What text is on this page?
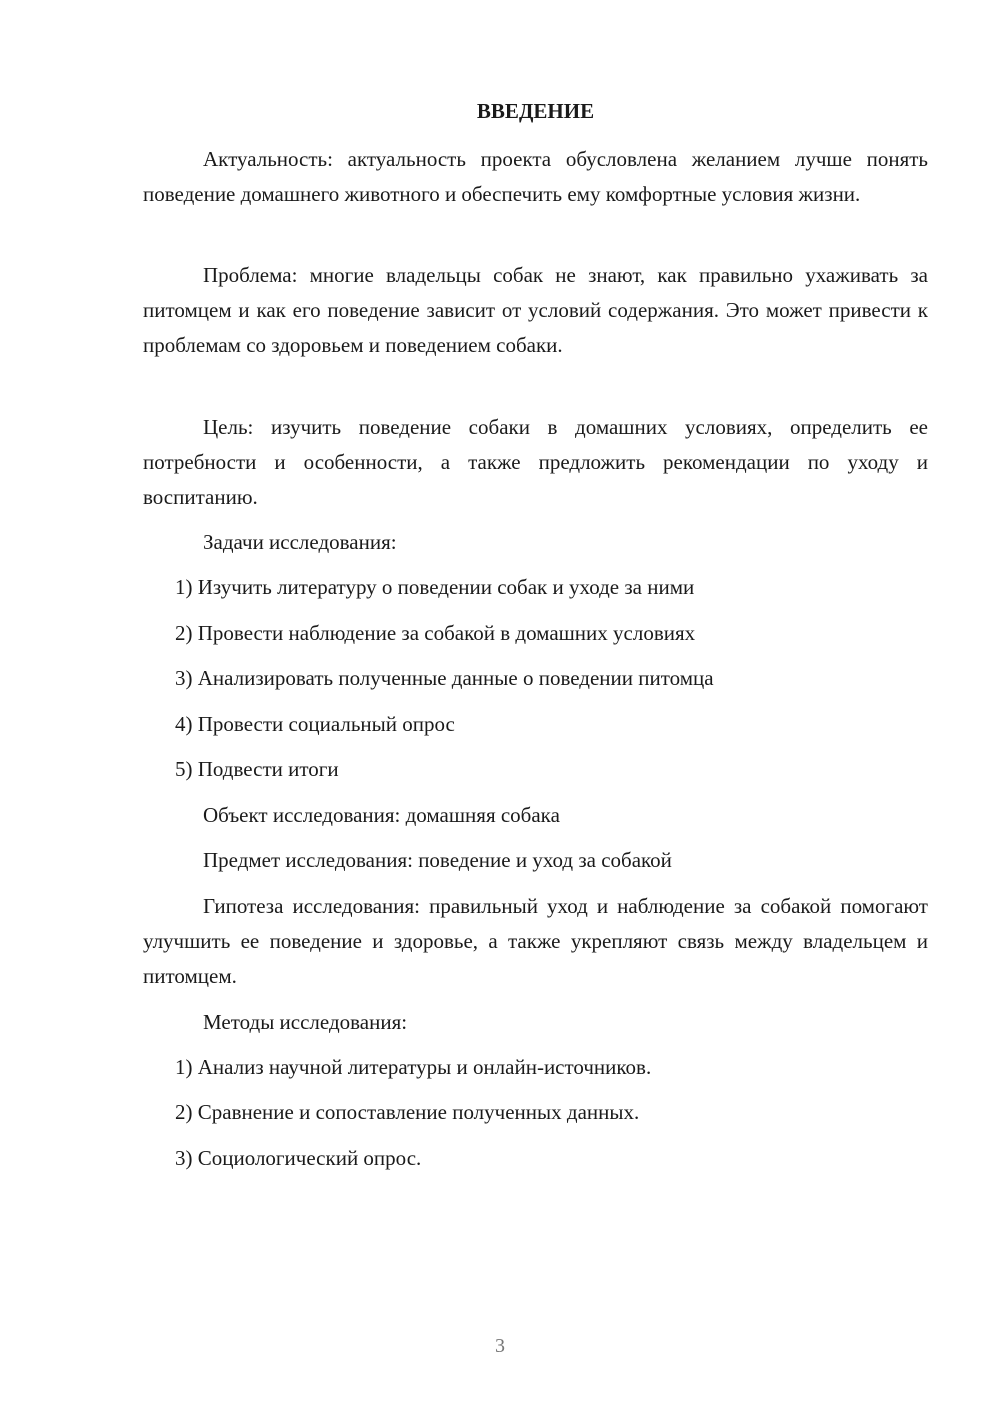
ВВЕДЕНИЕ

Актуальность: актуальность проекта обусловлена желанием лучше понять поведение домашнего животного и обеспечить ему комфортные условия жизни.

Проблема: многие владельцы собак не знают, как правильно ухаживать за питомцем и как его поведение зависит от условий содержания. Это может привести к проблемам со здоровьем и поведением собаки.

Цель: изучить поведение собаки в домашних условиях, определить ее потребности и особенности, а также предложить рекомендации по уходу и воспитанию.

Задачи исследования:

1) Изучить литературу о поведении собак и уходе за ними

2) Провести наблюдение за собакой в домашних условиях

3) Анализировать полученные данные о поведении питомца

4) Провести социальный опрос

5) Подвести итоги

Объект исследования: домашняя собака

Предмет исследования: поведение и уход за собакой

Гипотеза исследования: правильный уход и наблюдение за собакой помогают улучшить ее поведение и здоровье, а также укрепляют связь между владельцем и питомцем.

Методы исследования:

1) Анализ научной литературы и онлайн-источников.

2) Сравнение и сопоставление полученных данных.

3) Социологический опрос.

3
